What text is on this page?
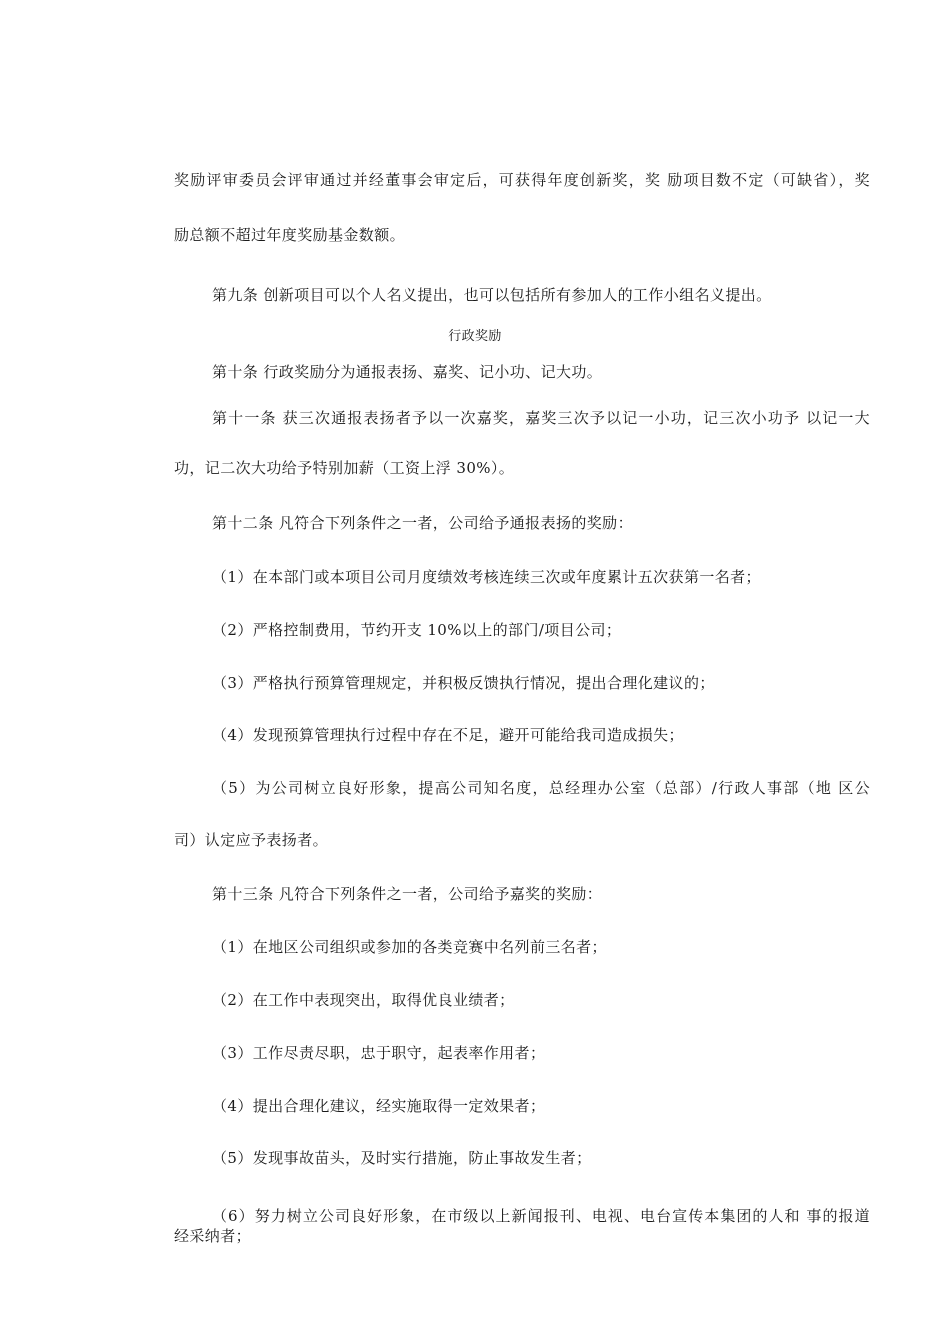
奖励评审委员会评审通过并经董事会审定后，可获得年度创新奖，奖 励项目数不定（可缺省），奖
励总额不超过年度奖励基金数额。
第九条 创新项目可以个人名义提出，也可以包括所有参加人的工作小组名义提出。
行政奖励
第十条 行政奖励分为通报表扬、嘉奖、记小功、记大功。
第十一条 获三次通报表扬者予以一次嘉奖，嘉奖三次予以记一小功，记三次小功予 以记一大
功，记二次大功给予特别加薪（工资上浮 30%）。
第十二条 凡符合下列条件之一者，公司给予通报表扬的奖励：
（1）在本部门或本项目公司月度绩效考核连续三次或年度累计五次获第一名者；
（2）严格控制费用，节约开支 10%以上的部门/项目公司；
（3）严格执行预算管理规定，并积极反馈执行情况，提出合理化建议的；
（4）发现预算管理执行过程中存在不足，避开可能给我司造成损失；
（5）为公司树立良好形象，提高公司知名度，总经理办公室（总部）/行政人事部（地 区公
司）认定应予表扬者。
第十三条 凡符合下列条件之一者，公司给予嘉奖的奖励：
（1）在地区公司组织或参加的各类竞赛中名列前三名者；
（2）在工作中表现突出，取得优良业绩者；
（3）工作尽责尽职，忠于职守，起表率作用者；
（4）提出合理化建议，经实施取得一定效果者；
（5）发现事故苗头，及时实行措施，防止事故发生者；
（6）努力树立公司良好形象，在市级以上新闻报刊、电视、电台宣传本集团的人和 事的报道
经采纳者；
